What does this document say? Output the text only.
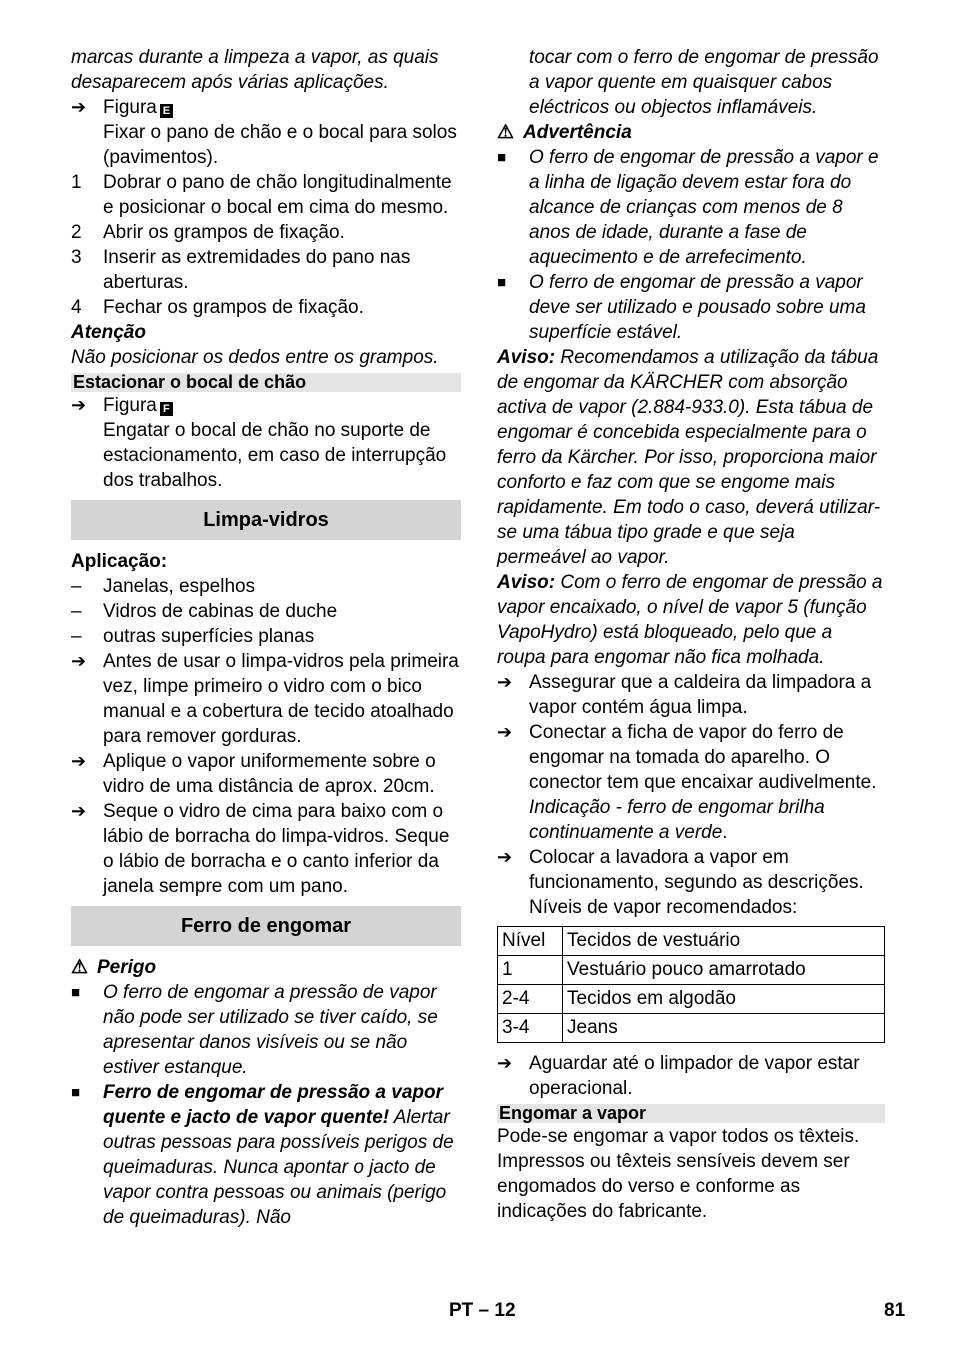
marcas durante a limpeza a vapor, as quais desaparecem após várias aplicações.

➔ Figura E
Fixar o pano de chão e o bocal para solos (pavimentos).
1	Dobrar o pano de chão longitudinalmente e posicionar o bocal em cima do mesmo.
2	Abrir os grampos de fixação.
3	Inserir as extremidades do pano nas aberturas.
4	Fechar os grampos de fixação.

Atenção

Não posicionar os dedos entre os grampos.

Estacionar o bocal de chão
➔ Figura F
Engatar o bocal de chão no suporte de estacionamento, em caso de interrupção dos trabalhos.
Limpa-vidros

Aplicação:

–	Janelas, espelhos
–	Vidros de cabinas de duche
–	outras superfícies planas
➔ Antes de usar o limpa-vidros pela primeira vez, limpe primeiro o vidro com o bico manual e a cobertura de tecido atoalhado para remover gorduras.
➔ Aplique o vapor uniformemente sobre o vidro de uma distância de aprox. 20cm.
➔ Seque o vidro de cima para baixo com o lábio de borracha do limpa-vidros. Seque o lábio de borracha e o canto inferior da janela sempre com um pano.
Ferro de engomar

⚠ Perigo

■	O ferro de engomar a pressão de vapor não pode ser utilizado se tiver caído, se apresentar danos visíveis ou se não estiver estanque.
■	Ferro de engomar de pressão a vapor quente e jacto de vapor quente! Alertar outras pessoas para possíveis perigos de queimaduras. Nunca apontar o jacto de vapor contra pessoas ou animais (perigo de queimaduras). Não
tocar com o ferro de engomar de pressão a vapor quente em quaisquer cabos eléctricos ou objectos inflamáveis.

⚠ Advertência

■	O ferro de engomar de pressão a vapor e a linha de ligação devem estar fora do alcance de crianças com menos de 8 anos de idade, durante a fase de aquecimento e de arrefecimento.
■	O ferro de engomar de pressão a vapor deve ser utilizado e pousado sobre uma superfície estável.

Aviso: Recomendamos a utilização da tábua de engomar da KÄRCHER com absorção activa de vapor (2.884-933.0). Esta tábua de engomar é concebida especialmente para o ferro da Kärcher. Por isso, proporciona maior conforto e faz com que se engome mais rapidamente. Em todo o caso, deverá utilizar-se uma tábua tipo grade e que seja permeável ao vapor.

Aviso: Com o ferro de engomar de pressão a vapor encaixado, o nível de vapor 5 (função VapoHydro) está bloqueado, pelo que a roupa para engomar não fica molhada.

➔ Assegurar que a caldeira da limpadora a vapor contém água limpa.
➔ Conectar a ficha de vapor do ferro de engomar na tomada do aparelho. O conector tem que encaixar audivelmente.
Indicação - ferro de engomar brilha continuamente a verde.
➔ Colocar a lavadora a vapor em funcionamento, segundo as descrições.
Níveis de vapor recomendados:
Nível	Tecidos de vestuário
1	Vestuário pouco amarrotado
2-4	Tecidos em algodão
3-4	Jeans
➔ Aguardar até o limpador de vapor estar operacional.
Engomar a vapor

Pode-se engomar a vapor todos os têxteis. Impressos ou têxteis sensíveis devem ser engomados do verso e conforme as indicações do fabricante.

PT – 12	81
